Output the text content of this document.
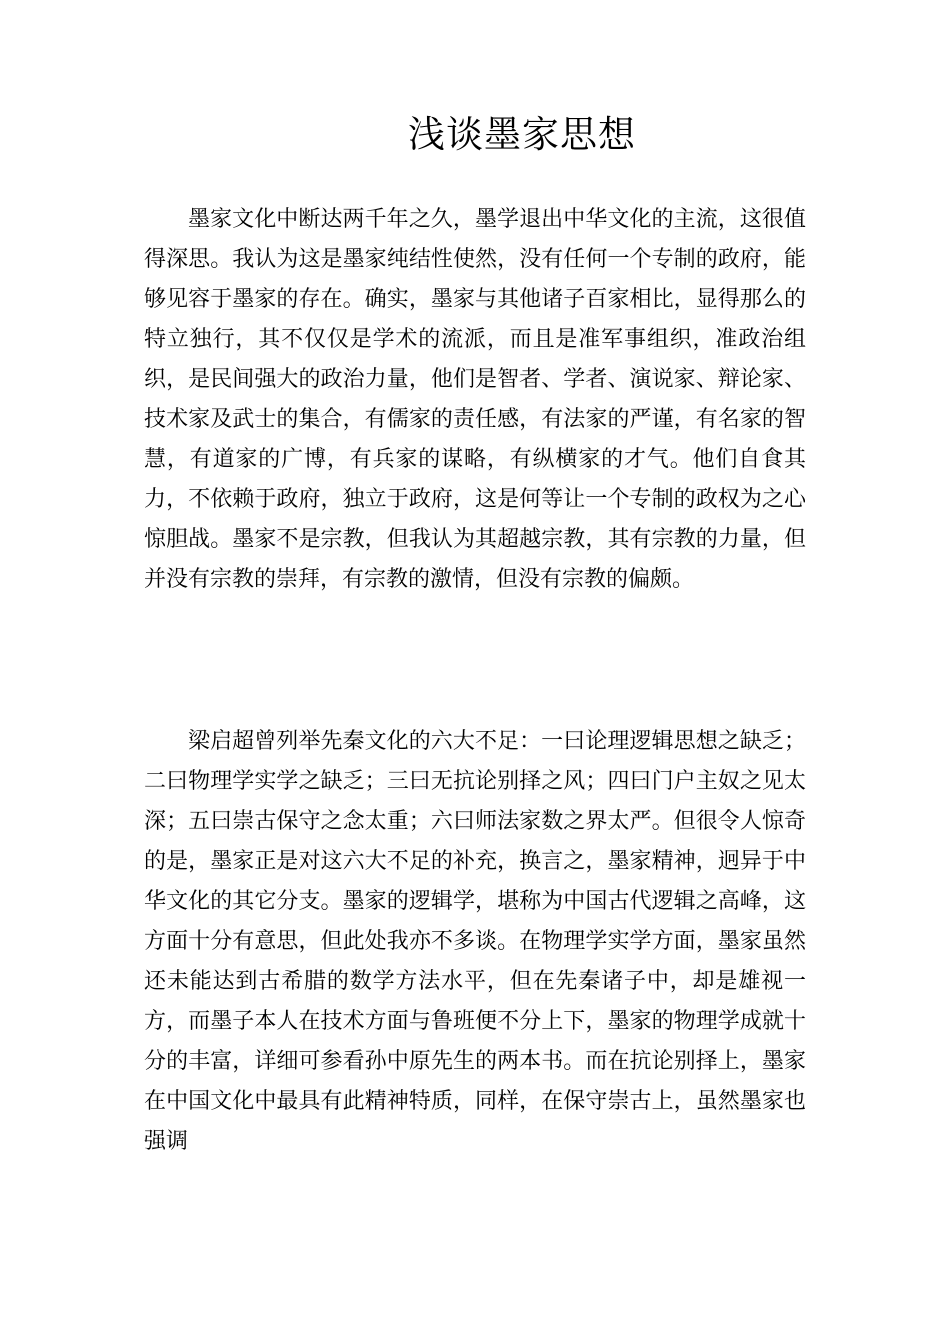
浅谈墨家思想

墨家文化中断达两千年之久，墨学退出中华文化的主流，这很值得深思。我认为这是墨家纯结性使然，没有任何一个专制的政府，能够见容于墨家的存在。确实，墨家与其他诸子百家相比，显得那么的特立独行，其不仅仅是学术的流派，而且是准军事组织，准政治组织，是民间强大的政治力量，他们是智者、学者、演说家、辩论家、技术家及武士的集合，有儒家的责任感，有法家的严谨，有名家的智慧，有道家的广博，有兵家的谋略，有纵横家的才气。他们自食其力，不依赖于政府，独立于政府，这是何等让一个专制的政权为之心惊胆战。墨家不是宗教，但我认为其超越宗教，其有宗教的力量，但并没有宗教的崇拜，有宗教的激情，但没有宗教的偏颇。

梁启超曾列举先秦文化的六大不足：一曰论理逻辑思想之缺乏；二曰物理学实学之缺乏；三曰无抗论别择之风；四曰门户主奴之见太深；五曰崇古保守之念太重；六曰师法家数之界太严。但很令人惊奇的是，墨家正是对这六大不足的补充，换言之，墨家精神，迥异于中华文化的其它分支。墨家的逻辑学，堪称为中国古代逻辑之高峰，这方面十分有意思，但此处我亦不多谈。在物理学实学方面，墨家虽然还未能达到古希腊的数学方法水平，但在先秦诸子中，却是雄视一方，而墨子本人在技术方面与鲁班便不分上下，墨家的物理学成就十分的丰富，详细可参看孙中原先生的两本书。而在抗论别择上，墨家在中国文化中最具有此精神特质，同样，在保守崇古上，虽然墨家也强调
